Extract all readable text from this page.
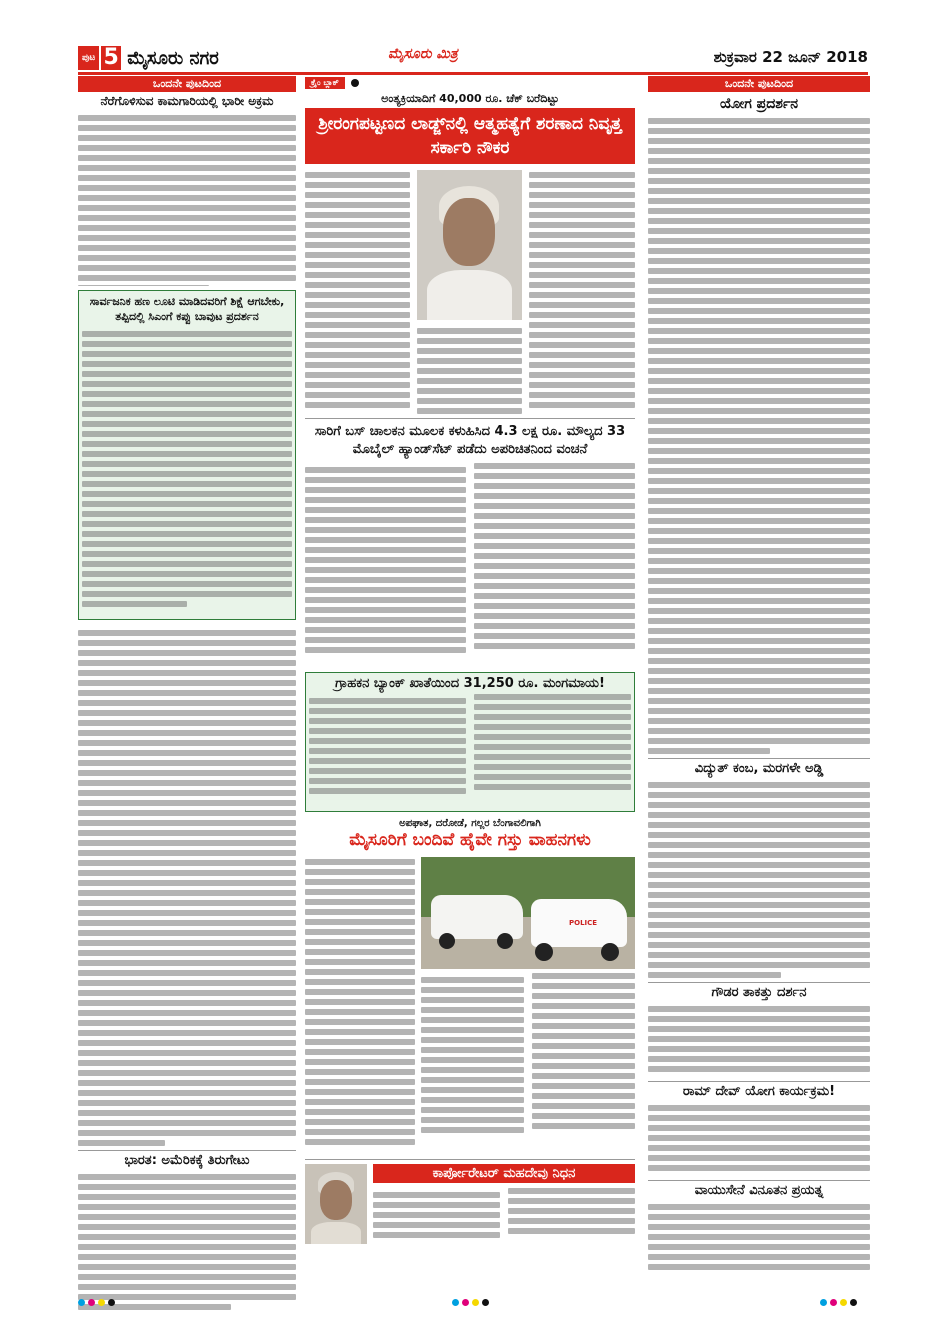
ಪುಟ 5 ಮೈಸೂರು ನಗರ	ಮೈಸೂರು ಮಿತ್ರ	ಶುಕ್ರವಾರ 22 ಜೂನ್ 2018
ಒಂದನೇ ಪುಟದಿಂದ
ನೆರೆಗೊಳಿಸುವ ಕಾಮಗಾರಿಯಲ್ಲಿ ಭಾರೀ ಅಕ್ರಮ
ಸಾರ್ವಜನಿಕ ಹಣ ಲೂಟಿ ಮಾಡಿದವರಿಗೆ ಶಿಕ್ಷೆ ಆಗಬೇಕು, ತಪ್ಪಿದಲ್ಲಿ ಸಿಎಂಗೆ ಕಪ್ಪು ಬಾವುಟ ಪ್ರದರ್ಶನ
ಭಾರತ: ಅಮೆರಿಕಕ್ಕೆ ತಿರುಗೇಟು
ಕ್ರೈಂ ಬ್ಲಾಕ್
ಅಂತ್ಯಕ್ರಿಯಾದಿಗೆ 40,000 ರೂ. ಚೆಕ್ ಬರೆದಿಟ್ಟು
ಶ್ರೀರಂಗಪಟ್ಟಣದ ಲಾಡ್ಜ್‌ನಲ್ಲಿ ಆತ್ಮಹತ್ಯೆಗೆ ಶರಣಾದ ನಿವೃತ್ತ ಸರ್ಕಾರಿ ನೌಕರ
ಸಾರಿಗೆ ಬಸ್ ಚಾಲಕನ ಮೂಲಕ ಕಳುಹಿಸಿದ 4.3 ಲಕ್ಷ ರೂ. ಮೌಲ್ಯದ 33 ಮೊಬೈಲ್ ಹ್ಯಾಂಡ್‌ಸೆಟ್ ಪಡೆದು ಅಪರಿಚಿತನಿಂದ ವಂಚನೆ
ಗ್ರಾಹಕನ ಬ್ಯಾಂಕ್ ಖಾತೆಯಿಂದ 31,250 ರೂ. ಮಂಗಮಾಯ!
ಅಪಘಾತ, ದರೋಡೆ, ಗಲ್ಲರ ಬೆಂಗಾವಲಿಗಾಗಿ
ಮೈಸೂರಿಗೆ ಬಂದಿವೆ ಹೈವೇ ಗಸ್ತು ವಾಹನಗಳು
POLICE
ಕಾರ್ಪೋರೇಟರ್ ಮಹದೇವು ನಿಧನ
ಒಂದನೇ ಪುಟದಿಂದ
ಯೋಗ ಪ್ರದರ್ಶನ
ವಿದ್ಯುತ್ ಕಂಬ, ಮರಗಳೇ ಅಡ್ಡಿ
ಗೌಡರ ತಾಕತ್ತು ದರ್ಶನ
ರಾಮ್ ದೇವ್ ಯೋಗ ಕಾರ್ಯಕ್ರಮ!
ವಾಯುಸೇನೆ ವಿನೂತನ ಪ್ರಯತ್ನ
